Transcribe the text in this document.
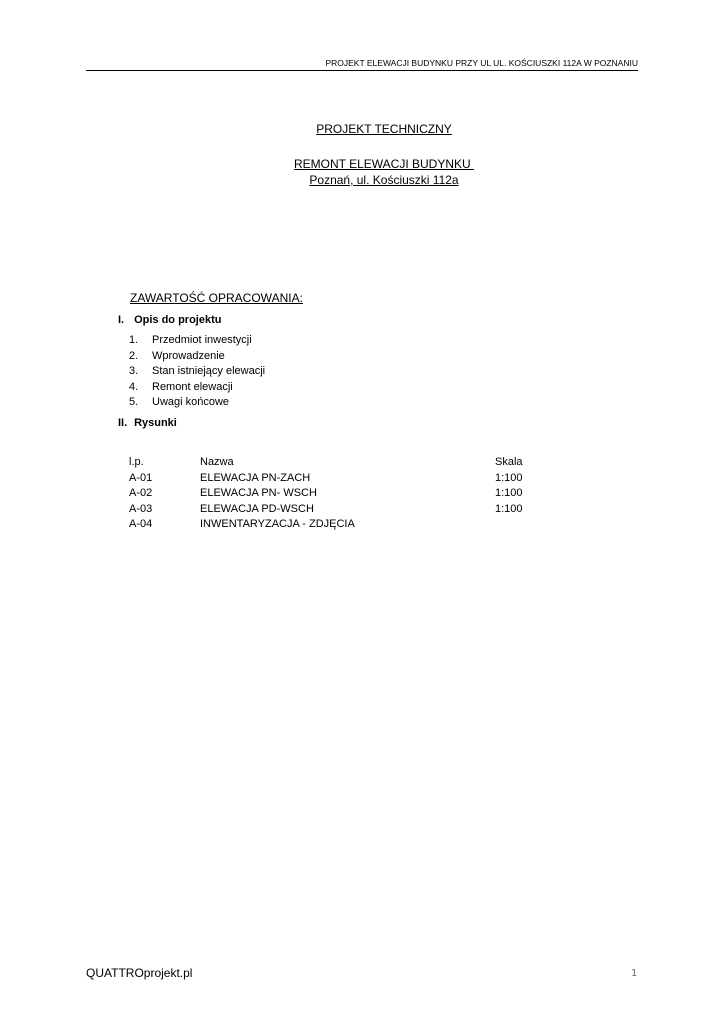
PROJEKT ELEWACJI BUDYNKU PRZY UL UL. KOŚCIUSZKI 112A W POZNANIU
PROJEKT TECHNICZNY
REMONT ELEWACJI BUDYNKU
Poznań, ul. Kościuszki 112a
ZAWARTOŚĆ OPRACOWANIA:
I. Opis do projektu
1. Przedmiot inwestycji
2. Wprowadzenie
3. Stan istniejący elewacji
4. Remont elewacji
5. Uwagi końcowe
II. Rysunki
l.p.	Nazwa	Skala
A-01	ELEWACJA PN-ZACH	1:100
A-02	ELEWACJA PN- WSCH	1:100
A-03	ELEWACJA PD-WSCH	1:100
A-04	INWENTARYZACJA - ZDJĘCIA
QUATTROprojekt.pl	1
